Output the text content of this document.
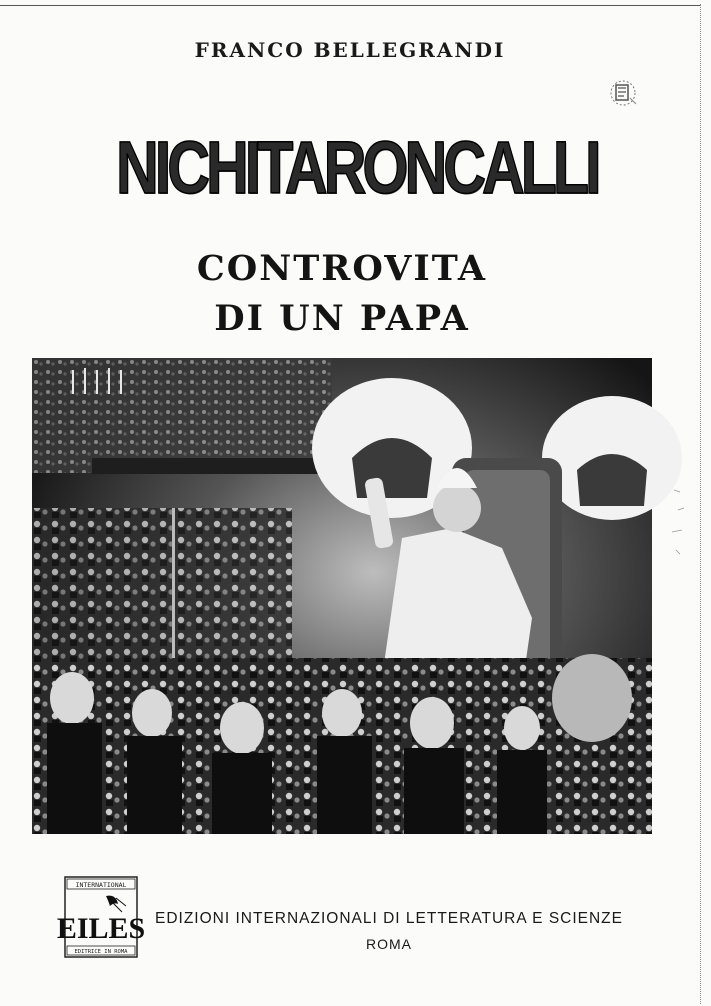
FRANCO BELLEGRANDI
NICHITARONCALLI
CONTROVITA
DI UN PAPA
INTERNATIONAL
EILES
EDITRICE IN ROMA
EDIZIONI INTERNAZIONALI DI LETTERATURA E SCIENZE
ROMA
